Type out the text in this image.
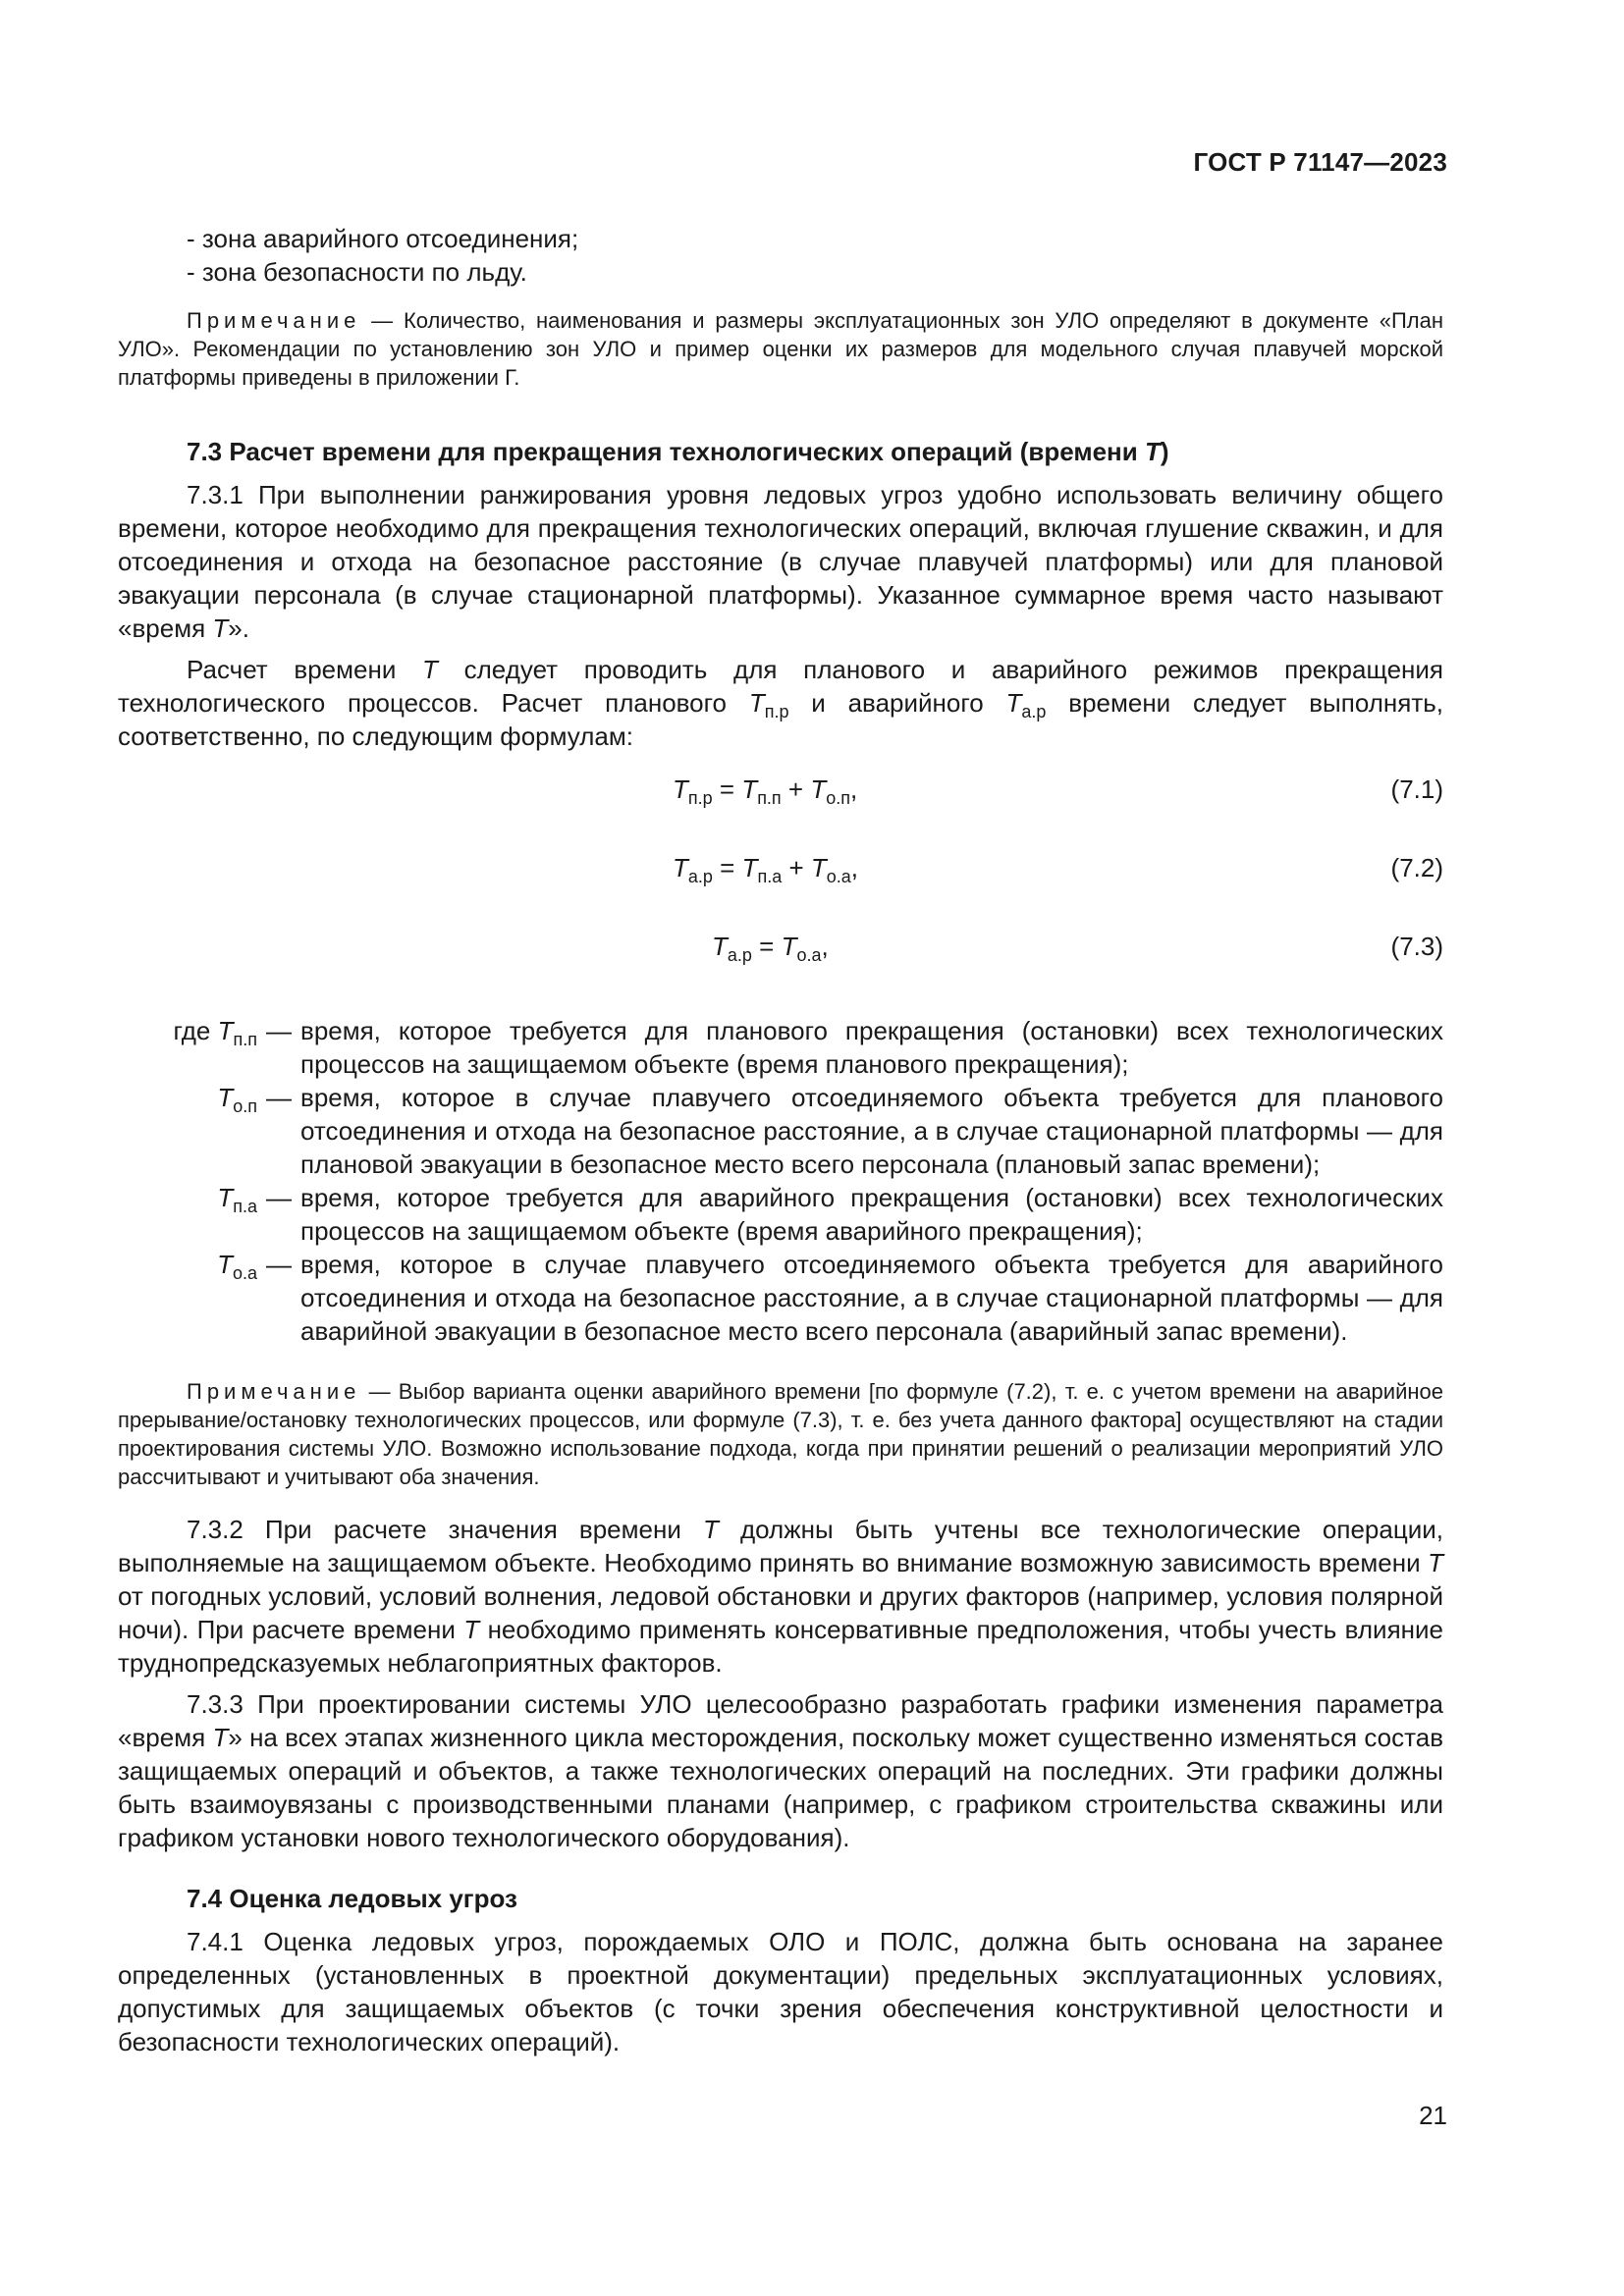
ГОСТ Р 71147—2023
- зона аварийного отсоединения;
- зона безопасности по льду.

Примечание — Количество, наименования и размеры эксплуатационных зон УЛО определяют в документе «План УЛО». Рекомендации по установлению зон УЛО и пример оценки их размеров для модельного случая плавучей морской платформы приведены в приложении Г.

7.3 Расчет времени для прекращения технологических операций (времени T)

7.3.1 При выполнении ранжирования уровня ледовых угроз удобно использовать величину общего времени, которое необходимо для прекращения технологических операций, включая глушение скважин, и для отсоединения и отхода на безопасное расстояние (в случае плавучей платформы) или для плановой эвакуации персонала (в случае стационарной платформы). Указанное суммарное время часто называют «время T».

Расчет времени T следует проводить для планового и аварийного режимов прекращения технологического процессов. Расчет планового $T_{п.р}$ и аварийного $T_{а.р}$ времени следует выполнять, соответственно, по следующим формулам:

$T_{п.р} = T_{п.п} + T_{о.п}$,	(7.1)
$T_{а.р} = T_{п.а} + T_{о.а}$,	(7.2)
$T_{а.р} = T_{о.а}$,	(7.3)
где $T_{п.п}$ — время, которое требуется для планового прекращения (остановки) всех технологических процессов на защищаемом объекте (время планового прекращения);
$T_{о.п}$ — время, которое в случае плавучего отсоединяемого объекта требуется для планового отсоединения и отхода на безопасное расстояние, а в случае стационарной платформы — для плановой эвакуации в безопасное место всего персонала (плановый запас времени);
$T_{п.а}$ — время, которое требуется для аварийного прекращения (остановки) всех технологических процессов на защищаемом объекте (время аварийного прекращения);
$T_{о.а}$ — время, которое в случае плавучего отсоединяемого объекта требуется для аварийного отсоединения и отхода на безопасное расстояние, а в случае стационарной платформы — для аварийной эвакуации в безопасное место всего персонала (аварийный запас времени).

Примечание — Выбор варианта оценки аварийного времени [по формуле (7.2), т. е. с учетом времени на аварийное прерывание/остановку технологических процессов, или формуле (7.3), т. е. без учета данного фактора] осуществляют на стадии проектирования системы УЛО. Возможно использование подхода, когда при принятии решений о реализации мероприятий УЛО рассчитывают и учитывают оба значения.

7.3.2 При расчете значения времени T должны быть учтены все технологические операции, выполняемые на защищаемом объекте. Необходимо принять во внимание возможную зависимость времени T от погодных условий, условий волнения, ледовой обстановки и других факторов (например, условия полярной ночи). При расчете времени T необходимо применять консервативные предположения, чтобы учесть влияние труднопредсказуемых неблагоприятных факторов.

7.3.3 При проектировании системы УЛО целесообразно разработать графики изменения параметра «время T» на всех этапах жизненного цикла месторождения, поскольку может существенно изменяться состав защищаемых операций и объектов, а также технологических операций на последних. Эти графики должны быть взаимоувязаны с производственными планами (например, с графиком строительства скважины или графиком установки нового технологического оборудования).

7.4 Оценка ледовых угроз

7.4.1 Оценка ледовых угроз, порождаемых ОЛО и ПОЛС, должна быть основана на заранее определенных (установленных в проектной документации) предельных эксплуатационных условиях, допустимых для защищаемых объектов (с точки зрения обеспечения конструктивной целостности и безопасности технологических операций).

21
